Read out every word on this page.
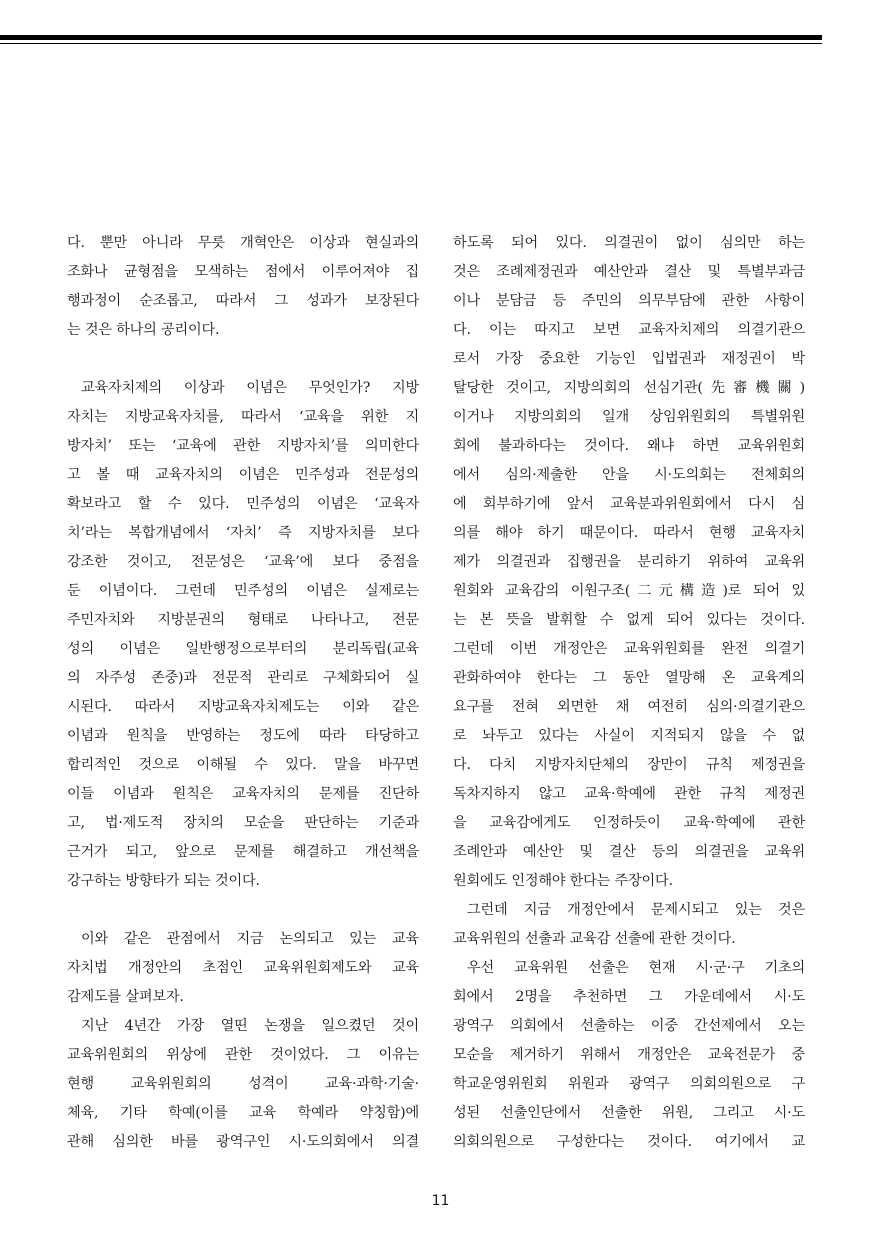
다. 뿐만 아니라 무릇 개혁안은 이상과 현실과의
조화나 균형점을 모색하는 점에서 이루어져야 집
행과정이 순조롭고, 따라서 그 성과가 보장된다
는 것은 하나의 공리이다.
교육자치제의 이상과 이념은 무엇인가? 지방
자치는 지방교육자치를, 따라서 ‘교육을 위한 지
방자치’ 또는 ‘교육에 관한 지방자치’를 의미한다
고 볼 때 교육자치의 이념은 민주성과 전문성의
확보라고 할 수 있다. 민주성의 이념은 ‘교육자
치’라는 복합개념에서 ‘자치’ 즉 지방자치를 보다
강조한 것이고, 전문성은 ‘교육’에 보다 중점을
둔 이념이다. 그런데 민주성의 이념은 실제로는
주민자치와 지방분권의 형태로 나타나고, 전문
성의 이념은 일반행정으로부터의 분리독립(교육
의 자주성 존중)과 전문적 관리로 구체화되어 실
시된다. 따라서 지방교육자치제도는 이와 같은
이념과 원칙을 반영하는 정도에 따라 타당하고
합리적인 것으로 이해될 수 있다. 말을 바꾸면
이들 이념과 원칙은 교육자치의 문제를 진단하
고, 법·제도적 장치의 모순을 판단하는 기준과
근거가 되고, 앞으로 문제를 해결하고 개선책을
강구하는 방향타가 되는 것이다.
이와 같은 관점에서 지금 논의되고 있는 교육
자치법 개정안의 초점인 교육위원회제도와 교육
감제도를 살펴보자.
지난 4년간 가장 열띤 논쟁을 일으켰던 것이
교육위원회의 위상에 관한 것이었다. 그 이유는
현행 교육위원회의 성격이 교육·과학·기술·
체육, 기타 학예(이를 교육 학예라 약칭함)에
관해 심의한 바를 광역구인 시·도의회에서 의결
하도록 되어 있다. 의결권이 없이 심의만 하는
것은 조례제정권과 예산안과 결산 및 특별부과금
이나 분담금 등 주민의 의무부담에 관한 사항이
다. 이는 따지고 보면 교육자치제의 의결기관으
로서 가장 중요한 기능인 입법권과 재정권이 박
탈당한 것이고, 지방의회의 선심기관(先審機關)
이거나 지방의회의 일개 상임위원회의 특별위원
회에 불과하다는 것이다. 왜냐 하면 교육위원회
에서 심의·제출한 안을 시·도의회는 전체회의
에 회부하기에 앞서 교육분과위원회에서 다시 심
의를 해야 하기 때문이다. 따라서 현행 교육자치
제가 의결권과 집행권을 분리하기 위하여 교육위
원회와 교육감의 이원구조(二元構造)로 되어 있
는 본 뜻을 발휘할 수 없게 되어 있다는 것이다.
그런데 이번 개정안은 교육위원회를 완전 의결기
관화하여야 한다는 그 동안 열망해 온 교육계의
요구를 전혀 외면한 채 여전히 심의·의결기관으
로 놔두고 있다는 사실이 지적되지 않을 수 없
다. 다치 지방자치단체의 장만이 규칙 제정권을
독차지하지 않고 교육·학예에 관한 규칙 제정권
을 교육감에게도 인정하듯이 교육·학예에 관한
조례안과 예산안 및 결산 등의 의결권을 교육위
원회에도 인정해야 한다는 주장이다.
그런데 지금 개정안에서 문제시되고 있는 것은
교육위원의 선출과 교육감 선출에 관한 것이다.
우선 교육위원 선출은 현재 시·군·구 기초의
회에서 2명을 추천하면 그 가운데에서 시·도
광역구 의회에서 선출하는 이중 간선제에서 오는
모순을 제거하기 위해서 개정안은 교육전문가 중
학교운영위원회 위원과 광역구 의회의원으로 구
성된 선출인단에서 선출한 위원, 그리고 시·도
의회의원으로 구성한다는 것이다. 여기에서 교
11
